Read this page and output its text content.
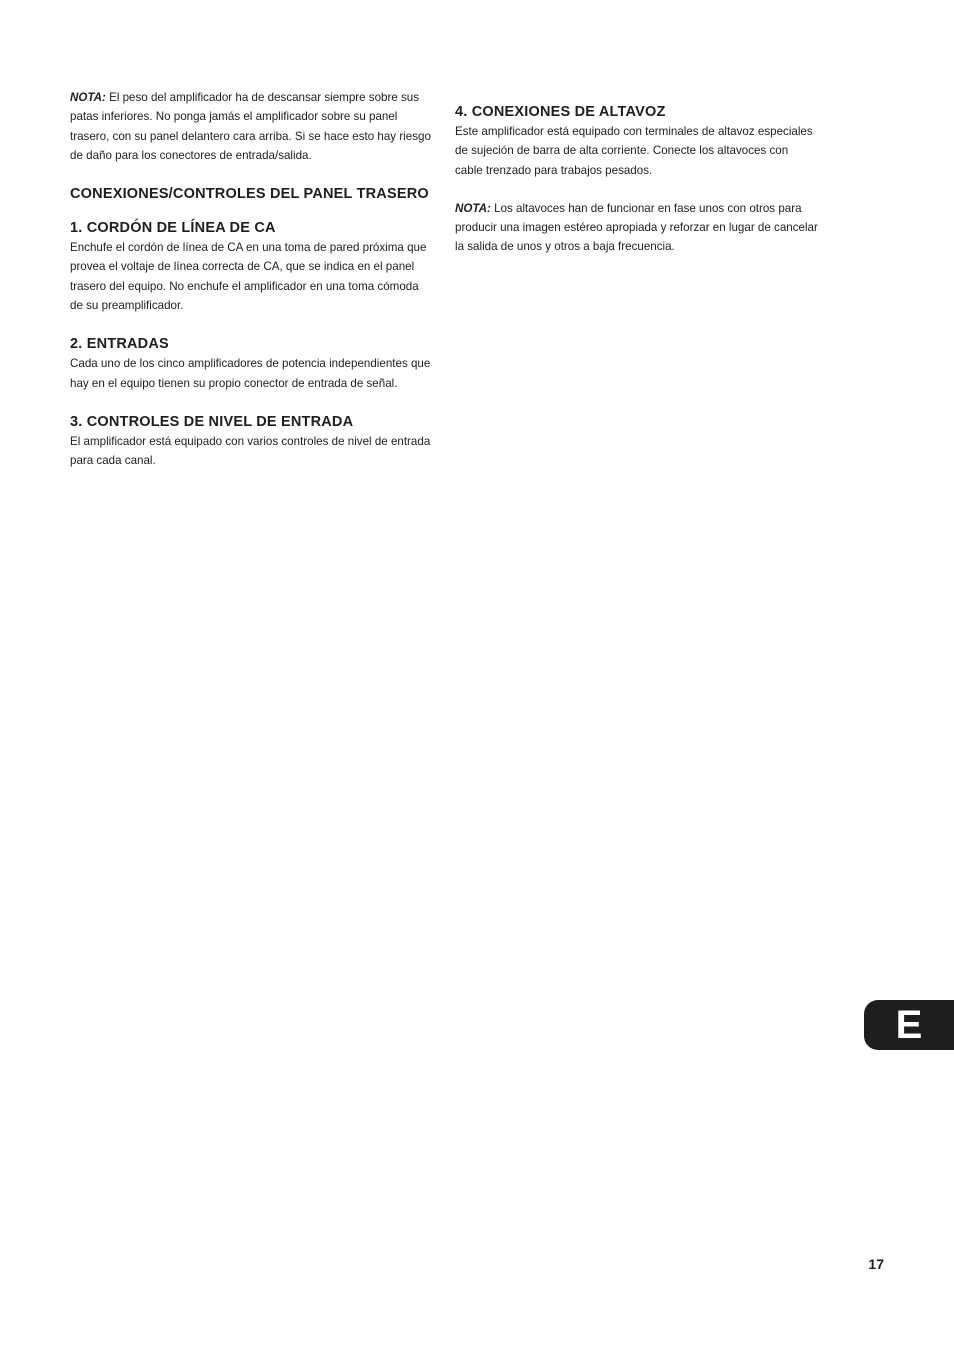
NOTA: El peso del amplificador ha de descansar siempre sobre sus patas inferiores. No ponga jamás el amplificador sobre su panel trasero, con su panel delantero cara arriba. Si se hace esto hay riesgo de daño para los conectores de entrada/salida.

CONEXIONES/CONTROLES DEL PANEL TRASERO
1. CORDÓN DE LÍNEA DE CA

Enchufe el cordón de línea de CA en una toma de pared próxima que provea el voltaje de línea correcta de CA, que se indica en el panel trasero del equipo. No enchufe el amplificador en una toma cómoda de su preamplificador.

2. ENTRADAS

Cada uno de los cinco amplificadores de potencia independientes que hay en el equipo tienen su propio conector de entrada de señal.

3. CONTROLES DE NIVEL DE ENTRADA

El amplificador está equipado con varios controles de nivel de entrada para cada canal.

4. CONEXIONES DE ALTAVOZ

Este amplificador está equipado con terminales de altavoz especiales de sujeción de barra de alta corriente. Conecte los altavoces con cable trenzado para trabajos pesados.

NOTA: Los altavoces han de funcionar en fase unos con otros para producir una imagen estéreo apropiada y reforzar en lugar de cancelar la salida de unos y otros a baja frecuencia.

E
17
